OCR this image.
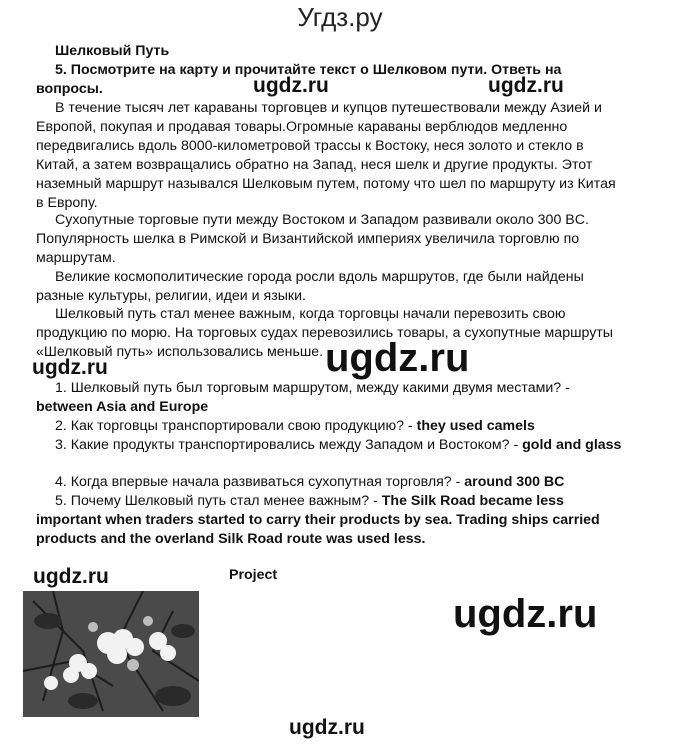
Угдз.ру
Шелковый Путь
5. Посмотрите на карту и прочитайте текст о Шелковом пути. Ответь на вопросы.
В течение тысяч лет караваны торговцев и купцов путешествовали между Азией и Европой, покупая и продавая товары.Огромные караваны верблюдов медленно передвигались вдоль 8000-километровой трассы к Востоку, неся золото и стекло в Китай, а затем возвращались обратно на Запад, неся шелк и другие продукты. Этот наземный маршрут назывался Шелковым путем, потому что шел по маршруту из Китая в Европу.
Сухопутные торговые пути между Востоком и Западом развивали около 300 BC. Популярность шелка в Римской и Византийской империях увеличила торговлю по маршрутам.
Великие космополитические города росли вдоль маршрутов, где были найдены разные культуры, религии, идеи и языки.
Шелковый путь стал менее важным, когда торговцы начали перевозить свою продукцию по морю. На торговых судах перевозились товары, а сухопутные маршруты «Шелковый путь» использовались меньше.
1. Шелковый путь был торговым маршрутом, между какими двумя местами? - between Asia and Europe
2. Как торговцы транспортировали свою продукцию? - they used camels
3. Какие продукты транспортировались между Западом и Востоком? - gold and glass
4. Когда впервые начала развиваться сухопутная торговля? - around 300 BC
5. Почему Шелковый путь стал менее важным? - The Silk Road became less important when traders started to carry their products by sea. Trading ships carried products and the overland Silk Road route was used less.
Project
ugdz.ru	ugdz.ru
ugdz.ru
ugdz.ru
ugdz.ru
ugdz.ru
ugdz.ru
